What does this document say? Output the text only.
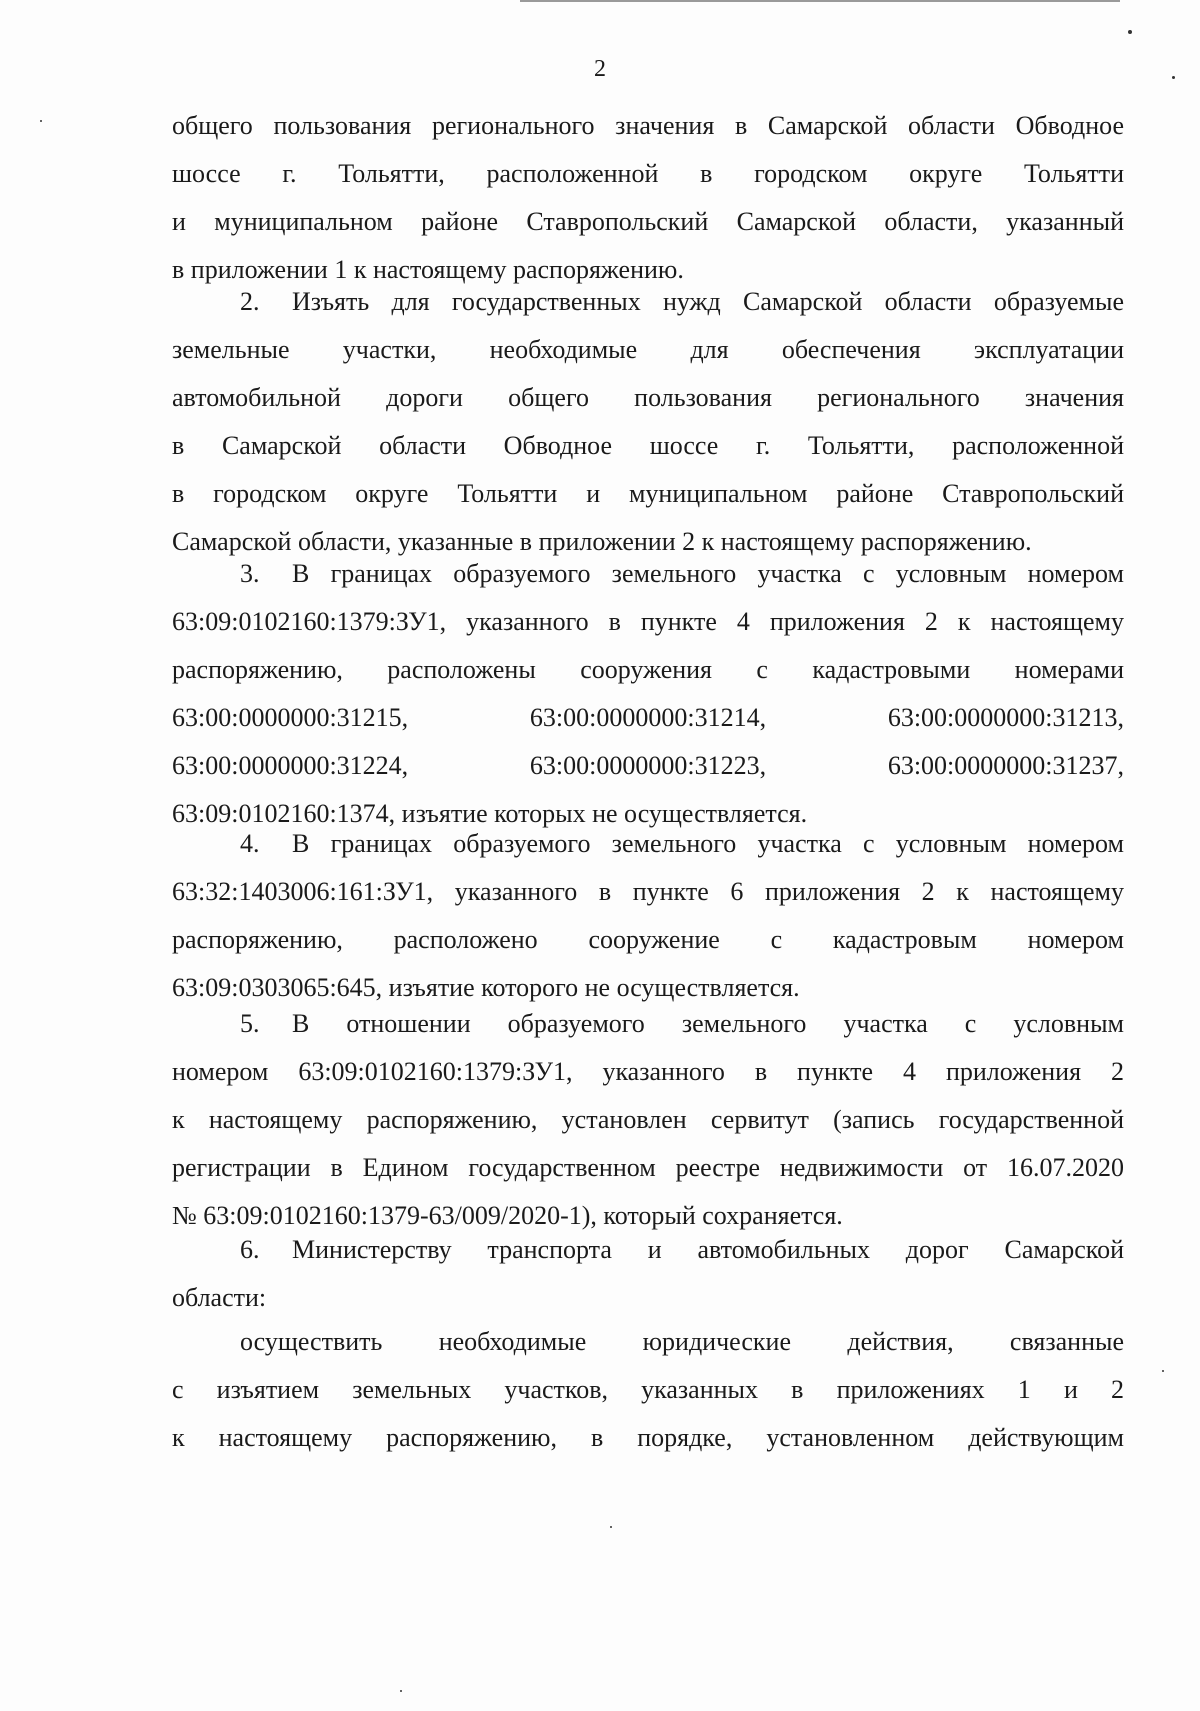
2
общего пользования регионального значения в Самарской области Обводное
шоссе г. Тольятти, расположенной в городском округе Тольятти
и муниципальном районе Ставропольский Самарской области, указанный
в приложении 1 к настоящему распоряжению.
2. Изъять для государственных нужд Самарской области образуемые
земельные участки, необходимые для обеспечения эксплуатации
автомобильной дороги общего пользования регионального значения
в Самарской области Обводное шоссе г. Тольятти, расположенной
в городском округе Тольятти и муниципальном районе Ставропольский
Самарской области, указанные в приложении 2 к настоящему распоряжению.
3. В границах образуемого земельного участка с условным номером
63:09:0102160:1379:ЗУ1, указанного в пункте 4 приложения 2 к настоящему
распоряжению, расположены сооружения с кадастровыми номерами
63:00:0000000:31215,	63:00:0000000:31214,	63:00:0000000:31213,
63:00:0000000:31224,	63:00:0000000:31223,	63:00:0000000:31237,
63:09:0102160:1374, изъятие которых не осуществляется.
4. В границах образуемого земельного участка с условным номером
63:32:1403006:161:ЗУ1, указанного в пункте 6 приложения 2 к настоящему
распоряжению, расположено сооружение с кадастровым номером
63:09:0303065:645, изъятие которого не осуществляется.
5. В отношении образуемого земельного участка с условным
номером 63:09:0102160:1379:ЗУ1, указанного в пункте 4 приложения 2
к настоящему распоряжению, установлен сервитут (запись государственной
регистрации в Едином государственном реестре недвижимости от 16.07.2020
№ 63:09:0102160:1379-63/009/2020-1), который сохраняется.
6. Министерству транспорта и автомобильных дорог Самарской
области:
осуществить необходимые юридические действия, связанные
с изъятием земельных участков, указанных в приложениях 1 и 2
к настоящему распоряжению, в порядке, установленном действующим
